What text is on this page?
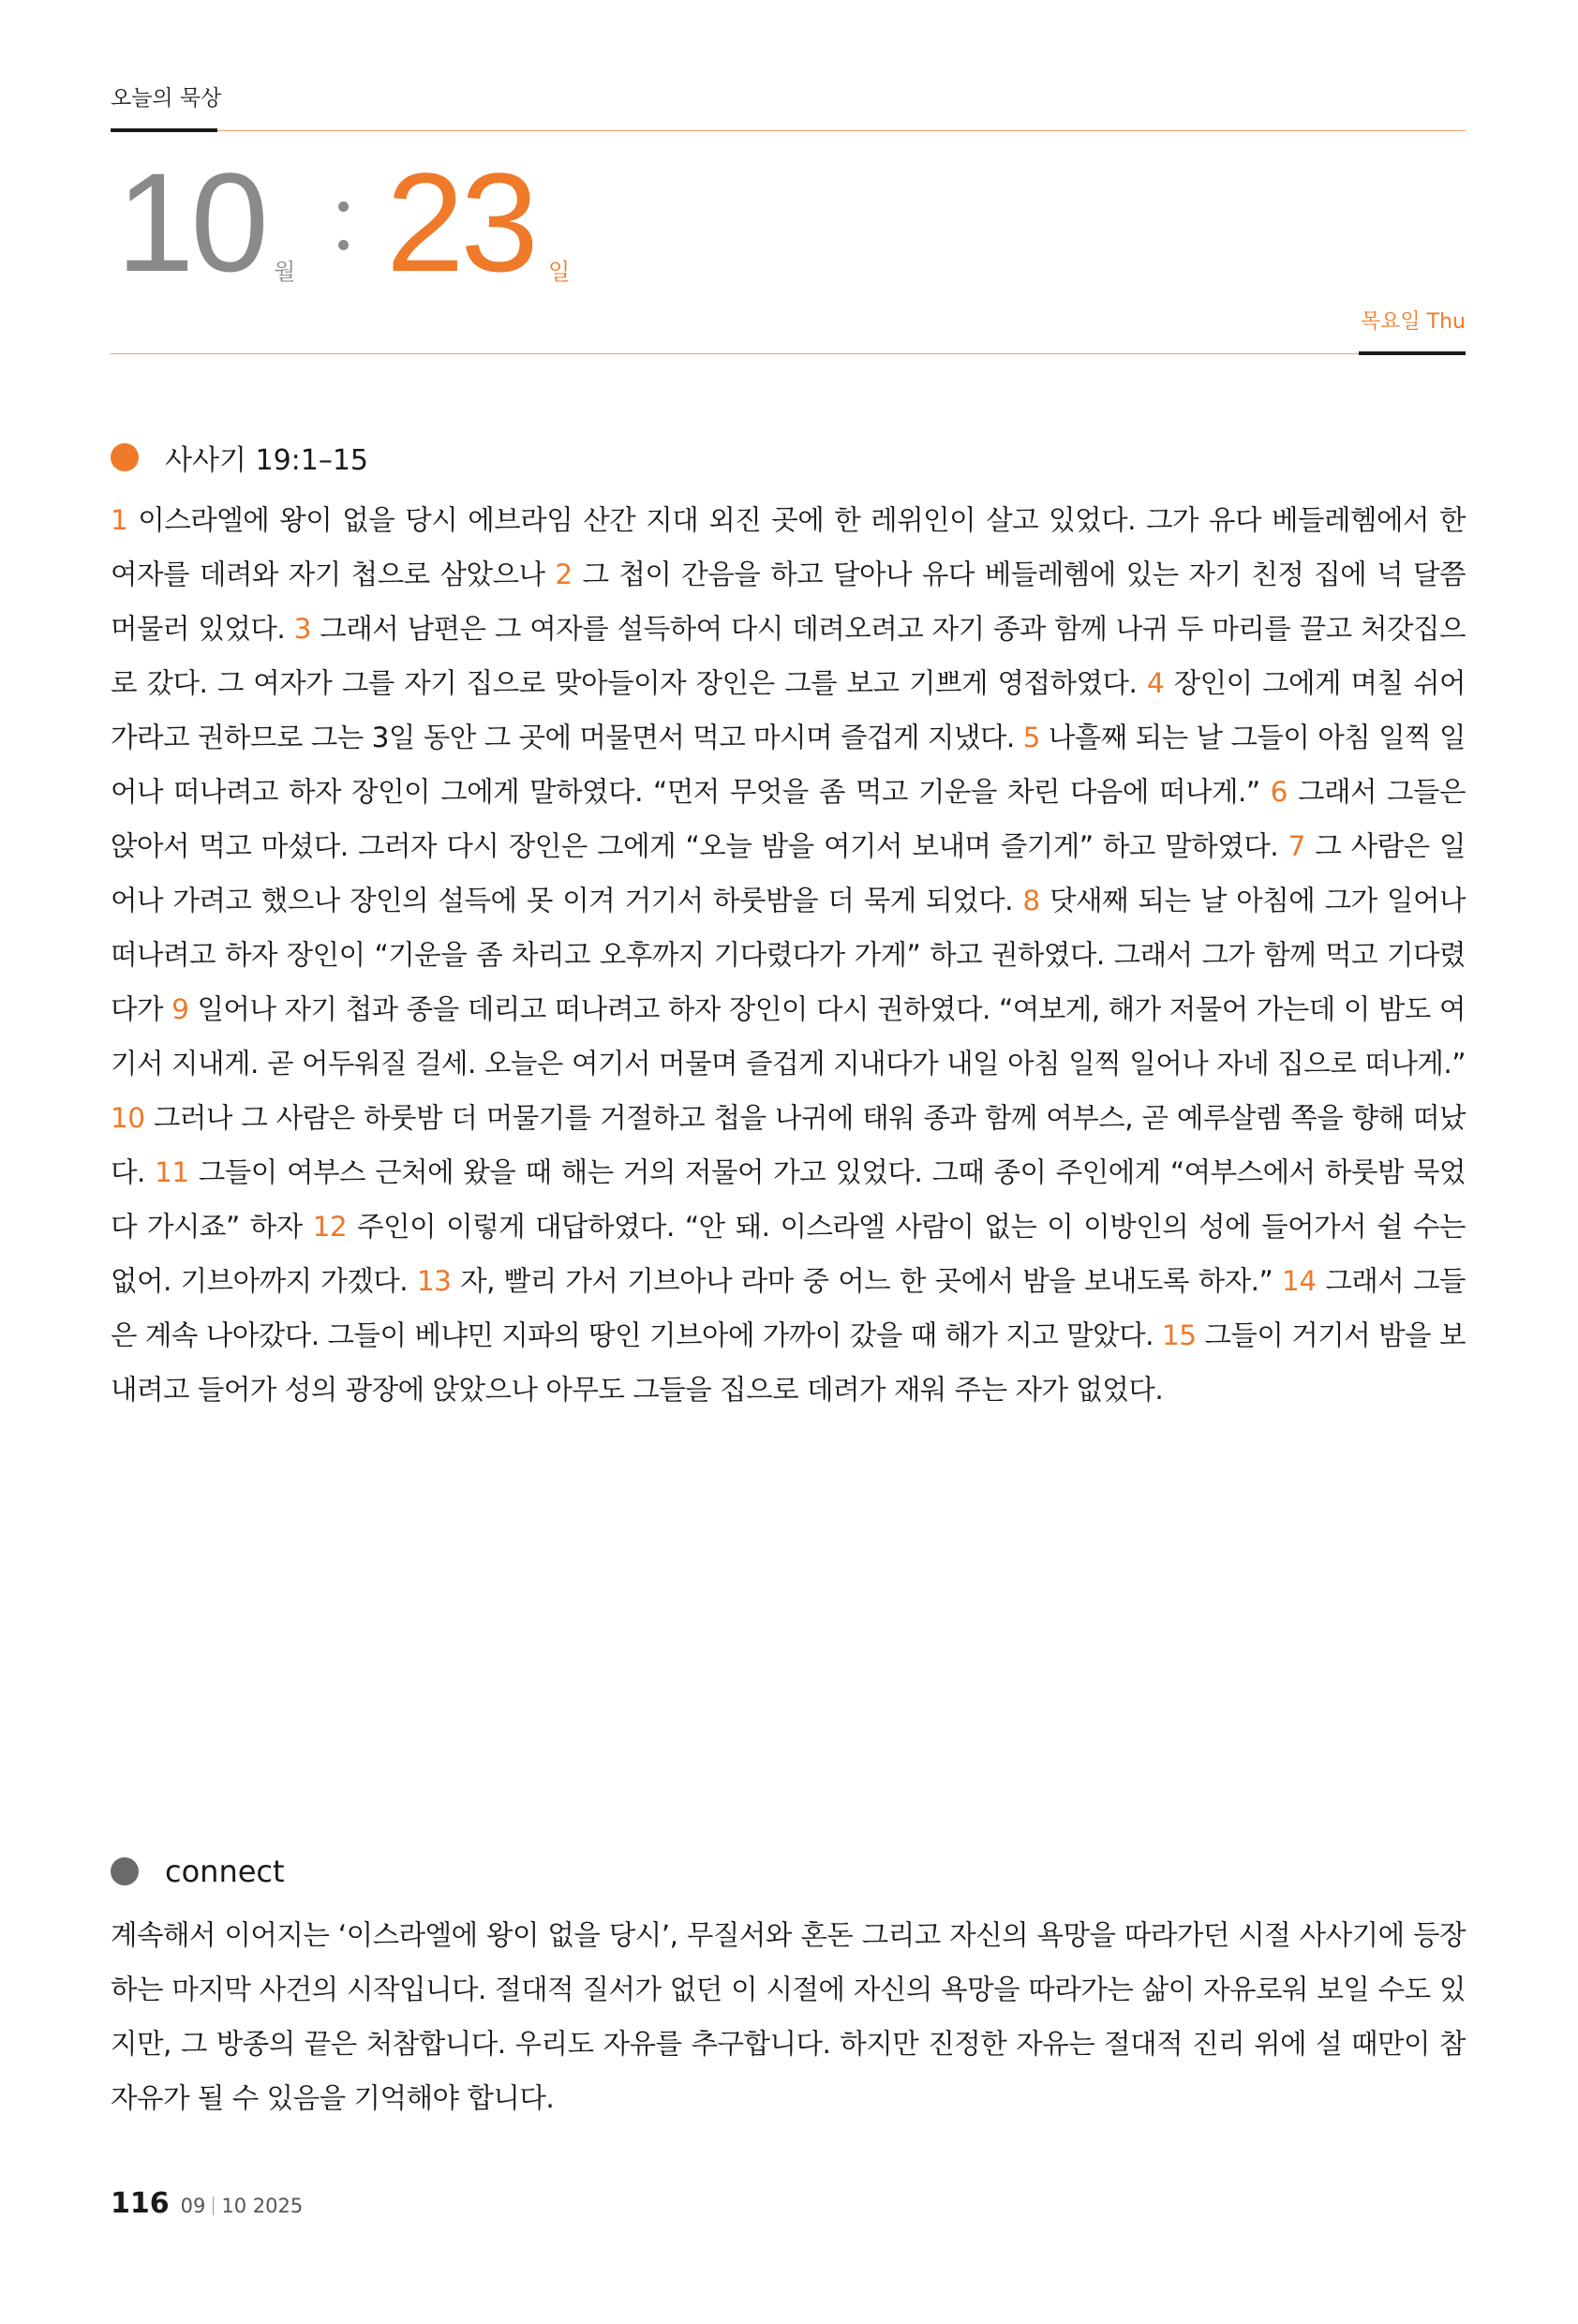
오늘의 묵상
10 월 23 일
목요일 Thu
사사기 19:1–15
1 이스라엘에 왕이 없을 당시 에브라임 산간 지대 외진 곳에 한 레위인이 살고 있었다. 그가 유다 베들레헴에서 한 여자를 데려와 자기 첩으로 삼았으나 2 그 첩이 간음을 하고 달아나 유다 베들레헴에 있는 자기 친정 집에 넉 달쯤 머물러 있었다. 3 그래서 남편은 그 여자를 설득하여 다시 데려오려고 자기 종과 함께 나귀 두 마리를 끌고 처갓집으로 갔다. 그 여자가 그를 자기 집으로 맞아들이자 장인은 그를 보고 기쁘게 영접하였다. 4 장인이 그에게 며칠 쉬어 가라고 권하므로 그는 3일 동안 그 곳에 머물면서 먹고 마시며 즐겁게 지냈다. 5 나흘째 되는 날 그들이 아침 일찍 일어나 떠나려고 하자 장인이 그에게 말하였다. “먼저 무엇을 좀 먹고 기운을 차린 다음에 떠나게.” 6 그래서 그들은 앉아서 먹고 마셨다. 그러자 다시 장인은 그에게 “오늘 밤을 여기서 보내며 즐기게” 하고 말하였다. 7 그 사람은 일어나 가려고 했으나 장인의 설득에 못 이겨 거기서 하룻밤을 더 묵게 되었다. 8 닷새째 되는 날 아침에 그가 일어나 떠나려고 하자 장인이 “기운을 좀 차리고 오후까지 기다렸다가 가게” 하고 권하였다. 그래서 그가 함께 먹고 기다렸다가 9 일어나 자기 첩과 종을 데리고 떠나려고 하자 장인이 다시 권하였다. “여보게, 해가 저물어 가는데 이 밤도 여기서 지내게. 곧 어두워질 걸세. 오늘은 여기서 머물며 즐겁게 지내다가 내일 아침 일찍 일어나 자네 집으로 떠나게.” 10 그러나 그 사람은 하룻밤 더 머물기를 거절하고 첩을 나귀에 태워 종과 함께 여부스, 곧 예루살렘 쪽을 향해 떠났다. 11 그들이 여부스 근처에 왔을 때 해는 거의 저물어 가고 있었다. 그때 종이 주인에게 “여부스에서 하룻밤 묵었다 가시죠” 하자 12 주인이 이렇게 대답하였다. “안 돼. 이스라엘 사람이 없는 이 이방인의 성에 들어가서 쉴 수는 없어. 기브아까지 가겠다. 13 자, 빨리 가서 기브아나 라마 중 어느 한 곳에서 밤을 보내도록 하자.” 14 그래서 그들은 계속 나아갔다. 그들이 베냐민 지파의 땅인 기브아에 가까이 갔을 때 해가 지고 말았다. 15 그들이 거기서 밤을 보내려고 들어가 성의 광장에 앉았으나 아무도 그들을 집으로 데려가 재워 주는 자가 없었다.
connect
계속해서 이어지는 ‘이스라엘에 왕이 없을 당시’, 무질서와 혼돈 그리고 자신의 욕망을 따라가던 시절 사사기에 등장하는 마지막 사건의 시작입니다. 절대적 질서가 없던 이 시절에 자신의 욕망을 따라가는 삶이 자유로워 보일 수도 있지만, 그 방종의 끝은 처참합니다. 우리도 자유를 추구합니다. 하지만 진정한 자유는 절대적 진리 위에 설 때만이 참 자유가 될 수 있음을 기억해야 합니다.
116 09 10 2025
